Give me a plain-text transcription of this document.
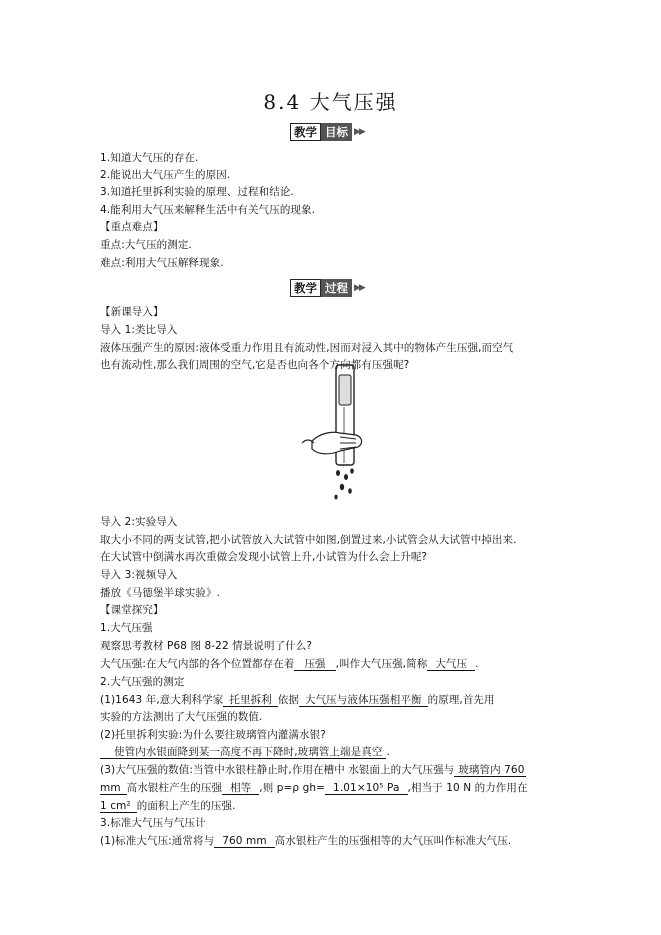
8.4 大气压强
教学 目标 ▶▶
1.知道大气压的存在.
2.能说出大气压产生的原因.
3.知道托里拆利实验的原理、过程和结论.
4.能利用大气压来解释生活中有关气压的现象.
【重点难点】
重点:大气压的测定.
难点:利用大气压解释现象.
教学 过程 ▶▶
【新课导入】
导入 1:类比导入
液体压强产生的原因:液体受重力作用且有流动性,因而对浸入其中的物体产生压强,而空气
也有流动性,那么我们周围的空气,它是否也向各个方向都有压强呢?
导入 2:实验导入
取大小不同的两支试管,把小试管放入大试管中如图,倒置过来,小试管会从大试管中掉出来.
在大试管中倒满水再次重做会发现小试管上升,小试管为什么会上升呢?
导入 3:视频导入
播放《马德堡半球实验》.
【课堂探究】
1.大气压强
观察思考教材 P68 图 8-22 情景说明了什么?
大气压强:在大气内部的各个位置都存在着 压强 ,叫作大气压强,简称 大气压 .
2.大气压强的测定
(1)1643 年,意大利科学家 托里拆利 依据 大气压与液体压强相平衡 的原理,首先用
实验的方法测出了大气压强的数值.
(2)托里拆利实验:为什么要往玻璃管内灌满水银?
使管内水银面降到某一高度不再下降时,玻璃管上端是真空 .
(3)大气压强的数值:当管中水银柱静止时,作用在槽中 水银面上的大气压强与 玻璃管内 760
mm 高水银柱产生的压强 相等 ,则 p=ρ gh= 1.01×10⁵ Pa ,相当于 10 N 的力作用在
1 cm² 的面积上产生的压强.
3.标准大气压与气压计
(1)标准大气压:通常将与 760 mm 高水银柱产生的压强相等的大气压叫作标准大气压.
